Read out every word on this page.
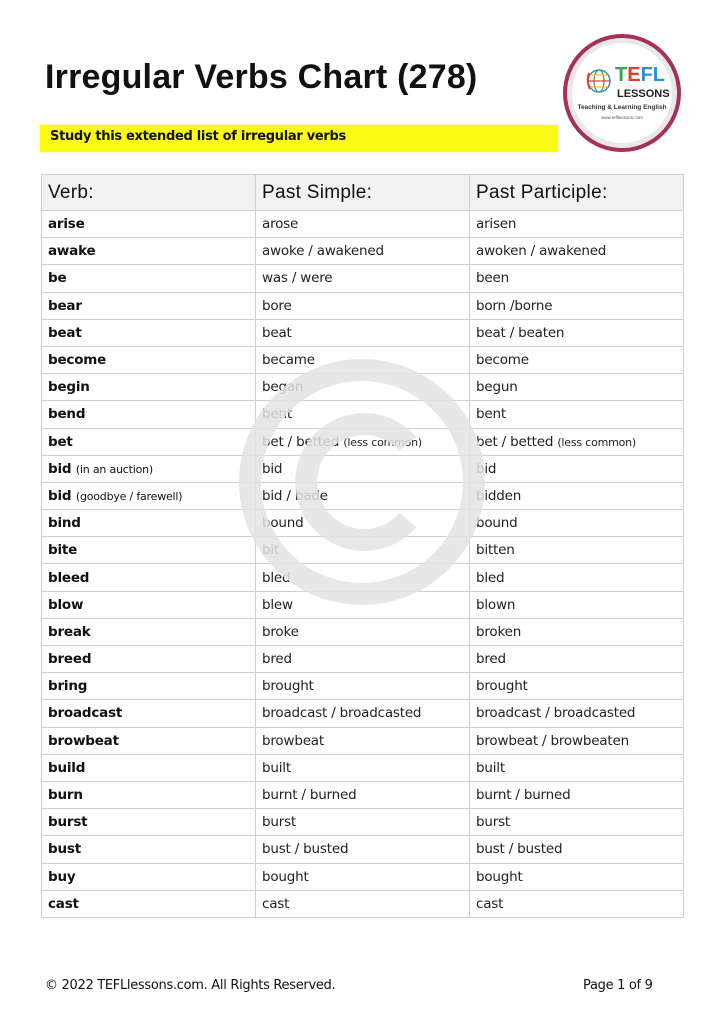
Irregular Verbs Chart (278)
Study this extended list of irregular verbs
TEFL
LESSONS
Teaching & Learning English
www.tefllessons.com
Verb:	Past Simple:	Past Participle:
arise	arose	arisen
awake	awoke / awakened	awoken / awakened
be	was / were	been
bear	bore	born /borne
beat	beat	beat / beaten
become	became	become
begin	began	begun
bend	bent	bent
bet	bet / betted (less common)	bet / betted (less common)
bid (in an auction)	bid	bid
bid (goodbye / farewell)	bid / bade	bidden
bind	bound	bound
bite	bit	bitten
bleed	bled	bled
blow	blew	blown
break	broke	broken
breed	bred	bred
bring	brought	brought
broadcast	broadcast / broadcasted	broadcast / broadcasted
browbeat	browbeat	browbeat / browbeaten
build	built	built
burn	burnt / burned	burnt / burned
burst	burst	burst
bust	bust / busted	bust / busted
buy	bought	bought
cast	cast	cast
© 2022 TEFLlessons.com. All Rights Reserved.	Page 1 of 9
